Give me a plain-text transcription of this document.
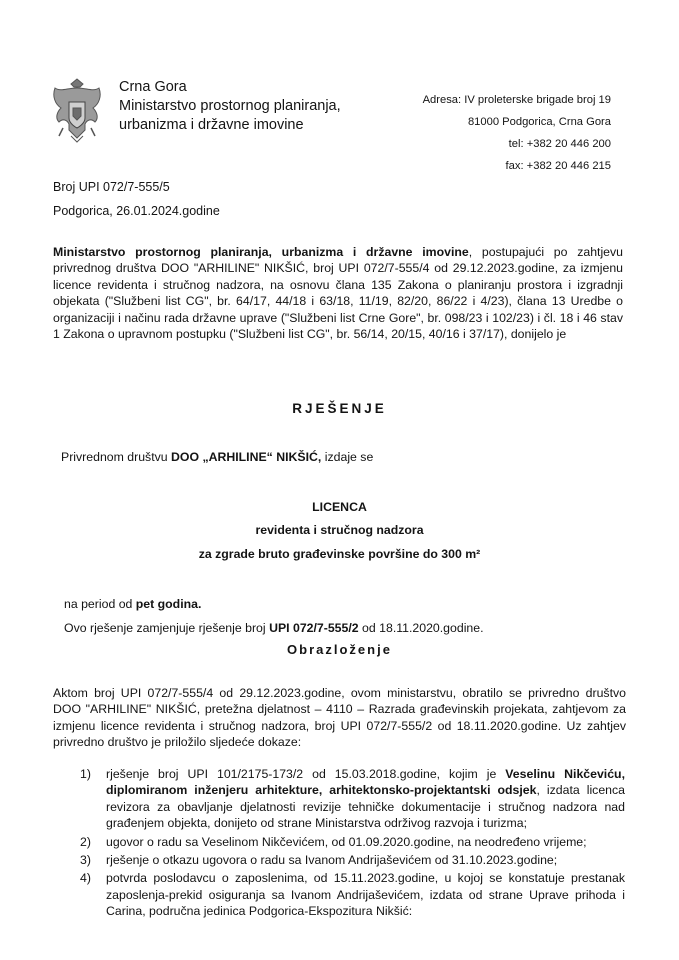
Crna Gora
Ministarstvo prostornog planiranja,
urbanizma i državne imovine
Adresa: IV proleterske brigade broj 19
81000 Podgorica, Crna Gora
tel: +382 20 446 200
fax: +382 20 446 215
Broj UPI 072/7-555/5
Podgorica, 26.01.2024.godine
Ministarstvo prostornog planiranja, urbanizma i državne imovine, postupajući po zahtjevu privrednog društva DOO "ARHILINE" NIKŠIĆ, broj UPI 072/7-555/4 od 29.12.2023.godine, za izmjenu licence revidenta i stručnog nadzora, na osnovu člana 135 Zakona o planiranju prostora i izgradnji objekata ("Službeni list CG", br. 64/17, 44/18 i 63/18, 11/19, 82/20, 86/22 i 4/23), člana 13 Uredbe o organizaciji i načinu rada državne uprave ("Službeni list Crne Gore", br. 098/23 i 102/23) i čl. 18 i 46 stav 1 Zakona o upravnom postupku ("Službeni list CG", br. 56/14, 20/15, 40/16 i 37/17), donijelo je
RJEŠENJE
Privrednom društvu DOO „ARHILINE“ NIKŠIĆ, izdaje se
LICENCA
revidenta i stručnog nadzora
za zgrade bruto građevinske površine do 300 m²
na period od pet godina.
Ovo rješenje zamjenjuje rješenje broj UPI 072/7-555/2 od 18.11.2020.godine.
Obrazloženje
Aktom broj UPI 072/7-555/4 od 29.12.2023.godine, ovom ministarstvu, obratilo se privredno društvo DOO "ARHILINE" NIKŠIĆ, pretežna djelatnost – 4110 – Razrada građevinskih projekata, zahtjevom za izmjenu licence revidenta i stručnog nadzora, broj UPI 072/7-555/2 od 18.11.2020.godine. Uz zahtjev privredno društvo je priložilo sljedeće dokaze:
1) rješenje broj UPI 101/2175-173/2 od 15.03.2018.godine, kojim je Veselinu Nikčeviću, diplomiranom inženjeru arhitekture, arhitektonsko-projektantski odsjek, izdata licenca revizora za obavljanje djelatnosti revizije tehničke dokumentacije i stručnog nadzora nad građenjem objekta, donijeto od strane Ministarstva održivog razvoja i turizma;
2) ugovor o radu sa Veselinom Nikčevićem, od 01.09.2020.godine, na neodređeno vrijeme;
3) rješenje o otkazu ugovora o radu sa Ivanom Andrijaševićem od 31.10.2023.godine;
4) potvrda poslodavcu o zaposlenima, od 15.11.2023.godine, u kojoj se konstatuje prestanak zaposlenja-prekid osiguranja sa Ivanom Andrijaševićem, izdata od strane Uprave prihoda i Carina, područna jedinica Podgorica-Ekspozitura Nikšić:
